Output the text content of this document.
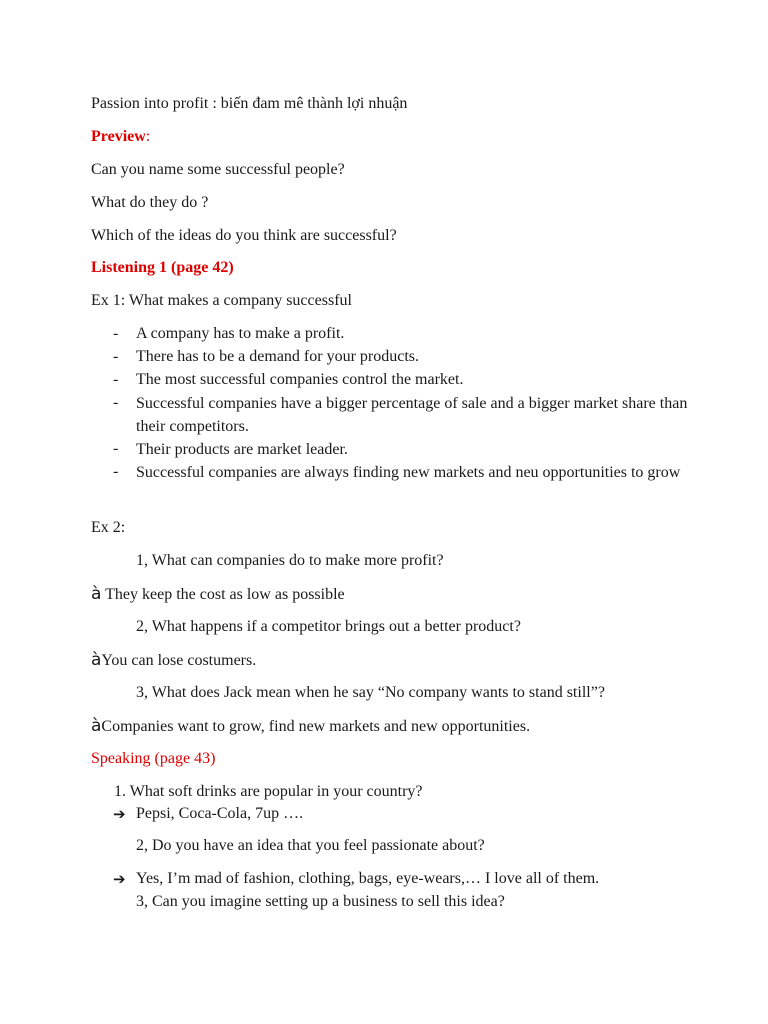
Passion into profit : biến đam mê thành lợi nhuận
Preview:
Can you name some successful people?
What do they do ?
Which of the ideas do you think are successful?
Listening 1 (page 42)
Ex 1: What makes a company successful
- A company has to make a profit.
- There has to be a demand for your products.
- The most successful companies control the market.
- Successful companies have a bigger percentage of sale and a bigger market share than their competitors.
- Their products are market leader.
- Successful companies are always finding new markets and neu opportunities to grow
Ex 2:
1, What can companies do to make more profit?
à They keep the cost as low as possible
2, What happens if a competitor brings out a better product?
àYou can lose costumers.
3, What does Jack mean when he say “No company wants to stand still”?
àCompanies want to grow, find new markets and new opportunities.
Speaking (page 43)
1. What soft drinks are popular in your country?
➔ Pepsi, Coca-Cola, 7up ….
2, Do you have an idea that you feel passionate about?
➔ Yes, I’m mad of fashion, clothing, bags, eye-wears,… I love all of them.
3, Can you imagine setting up a business to sell this idea?
